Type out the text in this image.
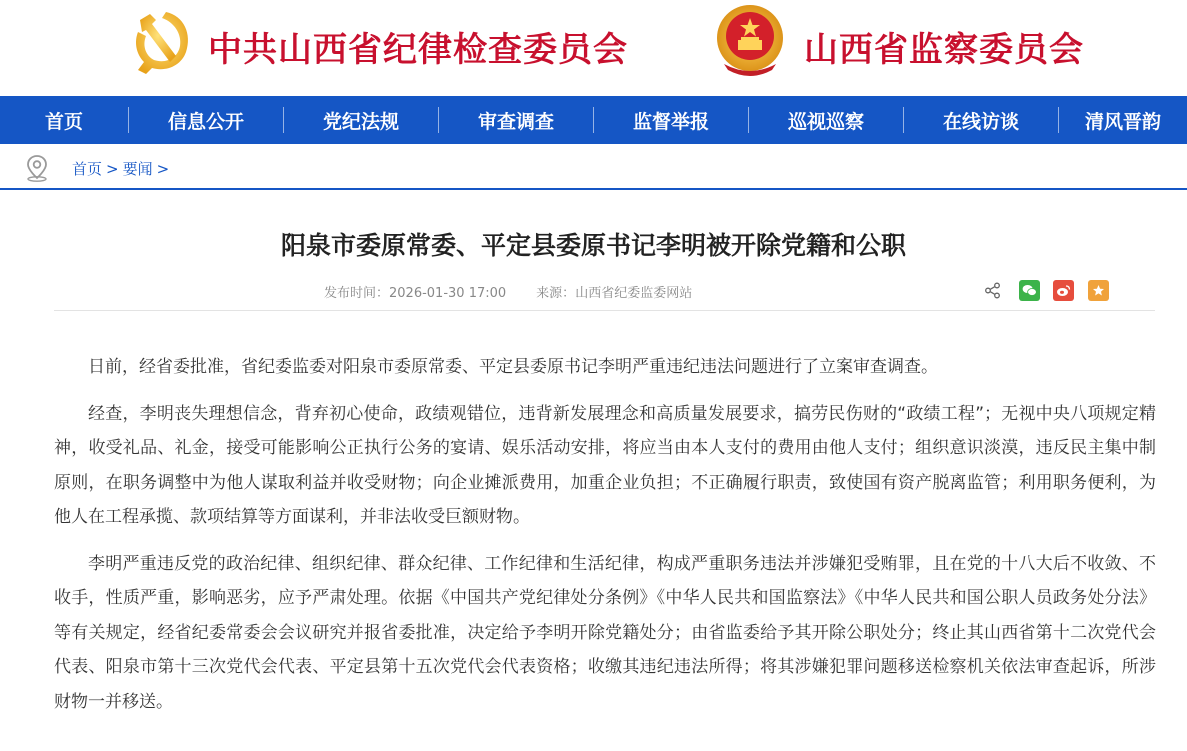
中共山西省纪律检查委员会	山西省监察委员会
首页	信息公开	党纪法规	审查调查	监督举报	巡视巡察	在线访谈	清风晋韵
首页 > 要闻 >
阳泉市委原常委、平定县委原书记李明被开除党籍和公职
发布时间：2026-01-30 17:00 来源：山西省纪委监委网站

日前，经省委批准，省纪委监委对阳泉市委原常委、平定县委原书记李明严重违纪违法问题进行了立案审查调查。

经查，李明丧失理想信念，背弃初心使命，政绩观错位，违背新发展理念和高质量发展要求，搞劳民伤财的“政绩工程”；无视中央八项规定精神，收受礼品、礼金，接受可能影响公正执行公务的宴请、娱乐活动安排，将应当由本人支付的费用由他人支付；组织意识淡漠，违反民主集中制原则，在职务调整中为他人谋取利益并收受财物；向企业摊派费用，加重企业负担；不正确履行职责，致使国有资产脱离监管；利用职务便利，为他人在工程承揽、款项结算等方面谋利，并非法收受巨额财物。

李明严重违反党的政治纪律、组织纪律、群众纪律、工作纪律和生活纪律，构成严重职务违法并涉嫌犯受贿罪，且在党的十八大后不收敛、不收手，性质严重，影响恶劣，应予严肃处理。依据《中国共产党纪律处分条例》《中华人民共和国监察法》《中华人民共和国公职人员政务处分法》等有关规定，经省纪委常委会会议研究并报省委批准，决定给予李明开除党籍处分；由省监委给予其开除公职处分；终止其山西省第十二次党代会代表、阳泉市第十三次党代会代表、平定县第十五次党代会代表资格；收缴其违纪违法所得；将其涉嫌犯罪问题移送检察机关依法审查起诉，所涉财物一并移送。
